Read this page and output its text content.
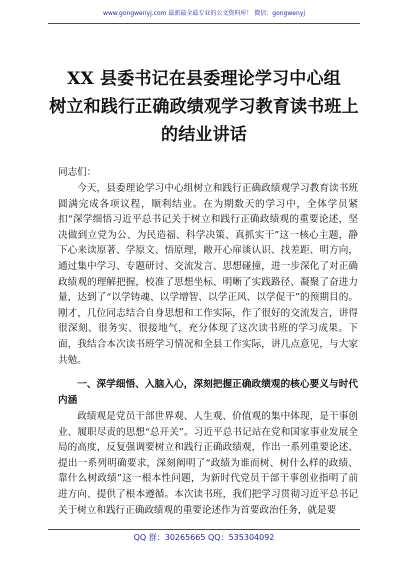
www.gongwenyj.com 最新最全最专业的公文资料库！ 微信：gongwenyj
XX 县委书记在县委理论学习中心组
树立和践行正确政绩观学习教育读书班上
的结业讲话
同志们：
今天，县委理论学习中心组树立和践行正确政绩观学习教育读书班圆满完成各项议程，顺利结业。在为期数天的学习中，全体学员紧扣“深学细悟习近平总书记关于树立和践行正确政绩观的重要论述，坚决做到立党为公、为民造福、科学决策、真抓实干”这一核心主题，静下心来读原著、学原文、悟原理，敞开心扉谈认识、找差距、明方向，通过集中学习、专题研讨、交流发言、思想碰撞，进一步深化了对正确政绩观的理解把握，校准了思想坐标、明晰了实践路径、凝聚了奋进力量，达到了“以学铸魂、以学增智、以学正风、以学促干”的预期目的。刚才，几位同志结合自身思想和工作实际，作了很好的交流发言，讲得很深刻、很务实、很接地气，充分体现了这次读书班的学习成果。下面，我结合本次读书班学习情况和全县工作实际，讲几点意见，与大家共勉。
一、深学细悟、入脑入心，深刻把握正确政绩观的核心要义与时代内涵
政绩观是党员干部世界观、人生观、价值观的集中体现，是干事创业、履职尽责的思想“总开关”。习近平总书记站在党和国家事业发展全局的高度，反复强调要树立和践行正确政绩观，作出一系列重要论述、提出一系列明确要求，深刻阐明了“政绩为谁而树、树什么样的政绩、靠什么树政绩”这一根本性问题，为新时代党员干部干事创业指明了前进方向、提供了根本遵循。本次读书班，我们把学习贯彻习近平总书记关于树立和践行正确政绩观的重要论述作为首要政治任务，就是要
QQ 群：30265665 QQ：535304092
